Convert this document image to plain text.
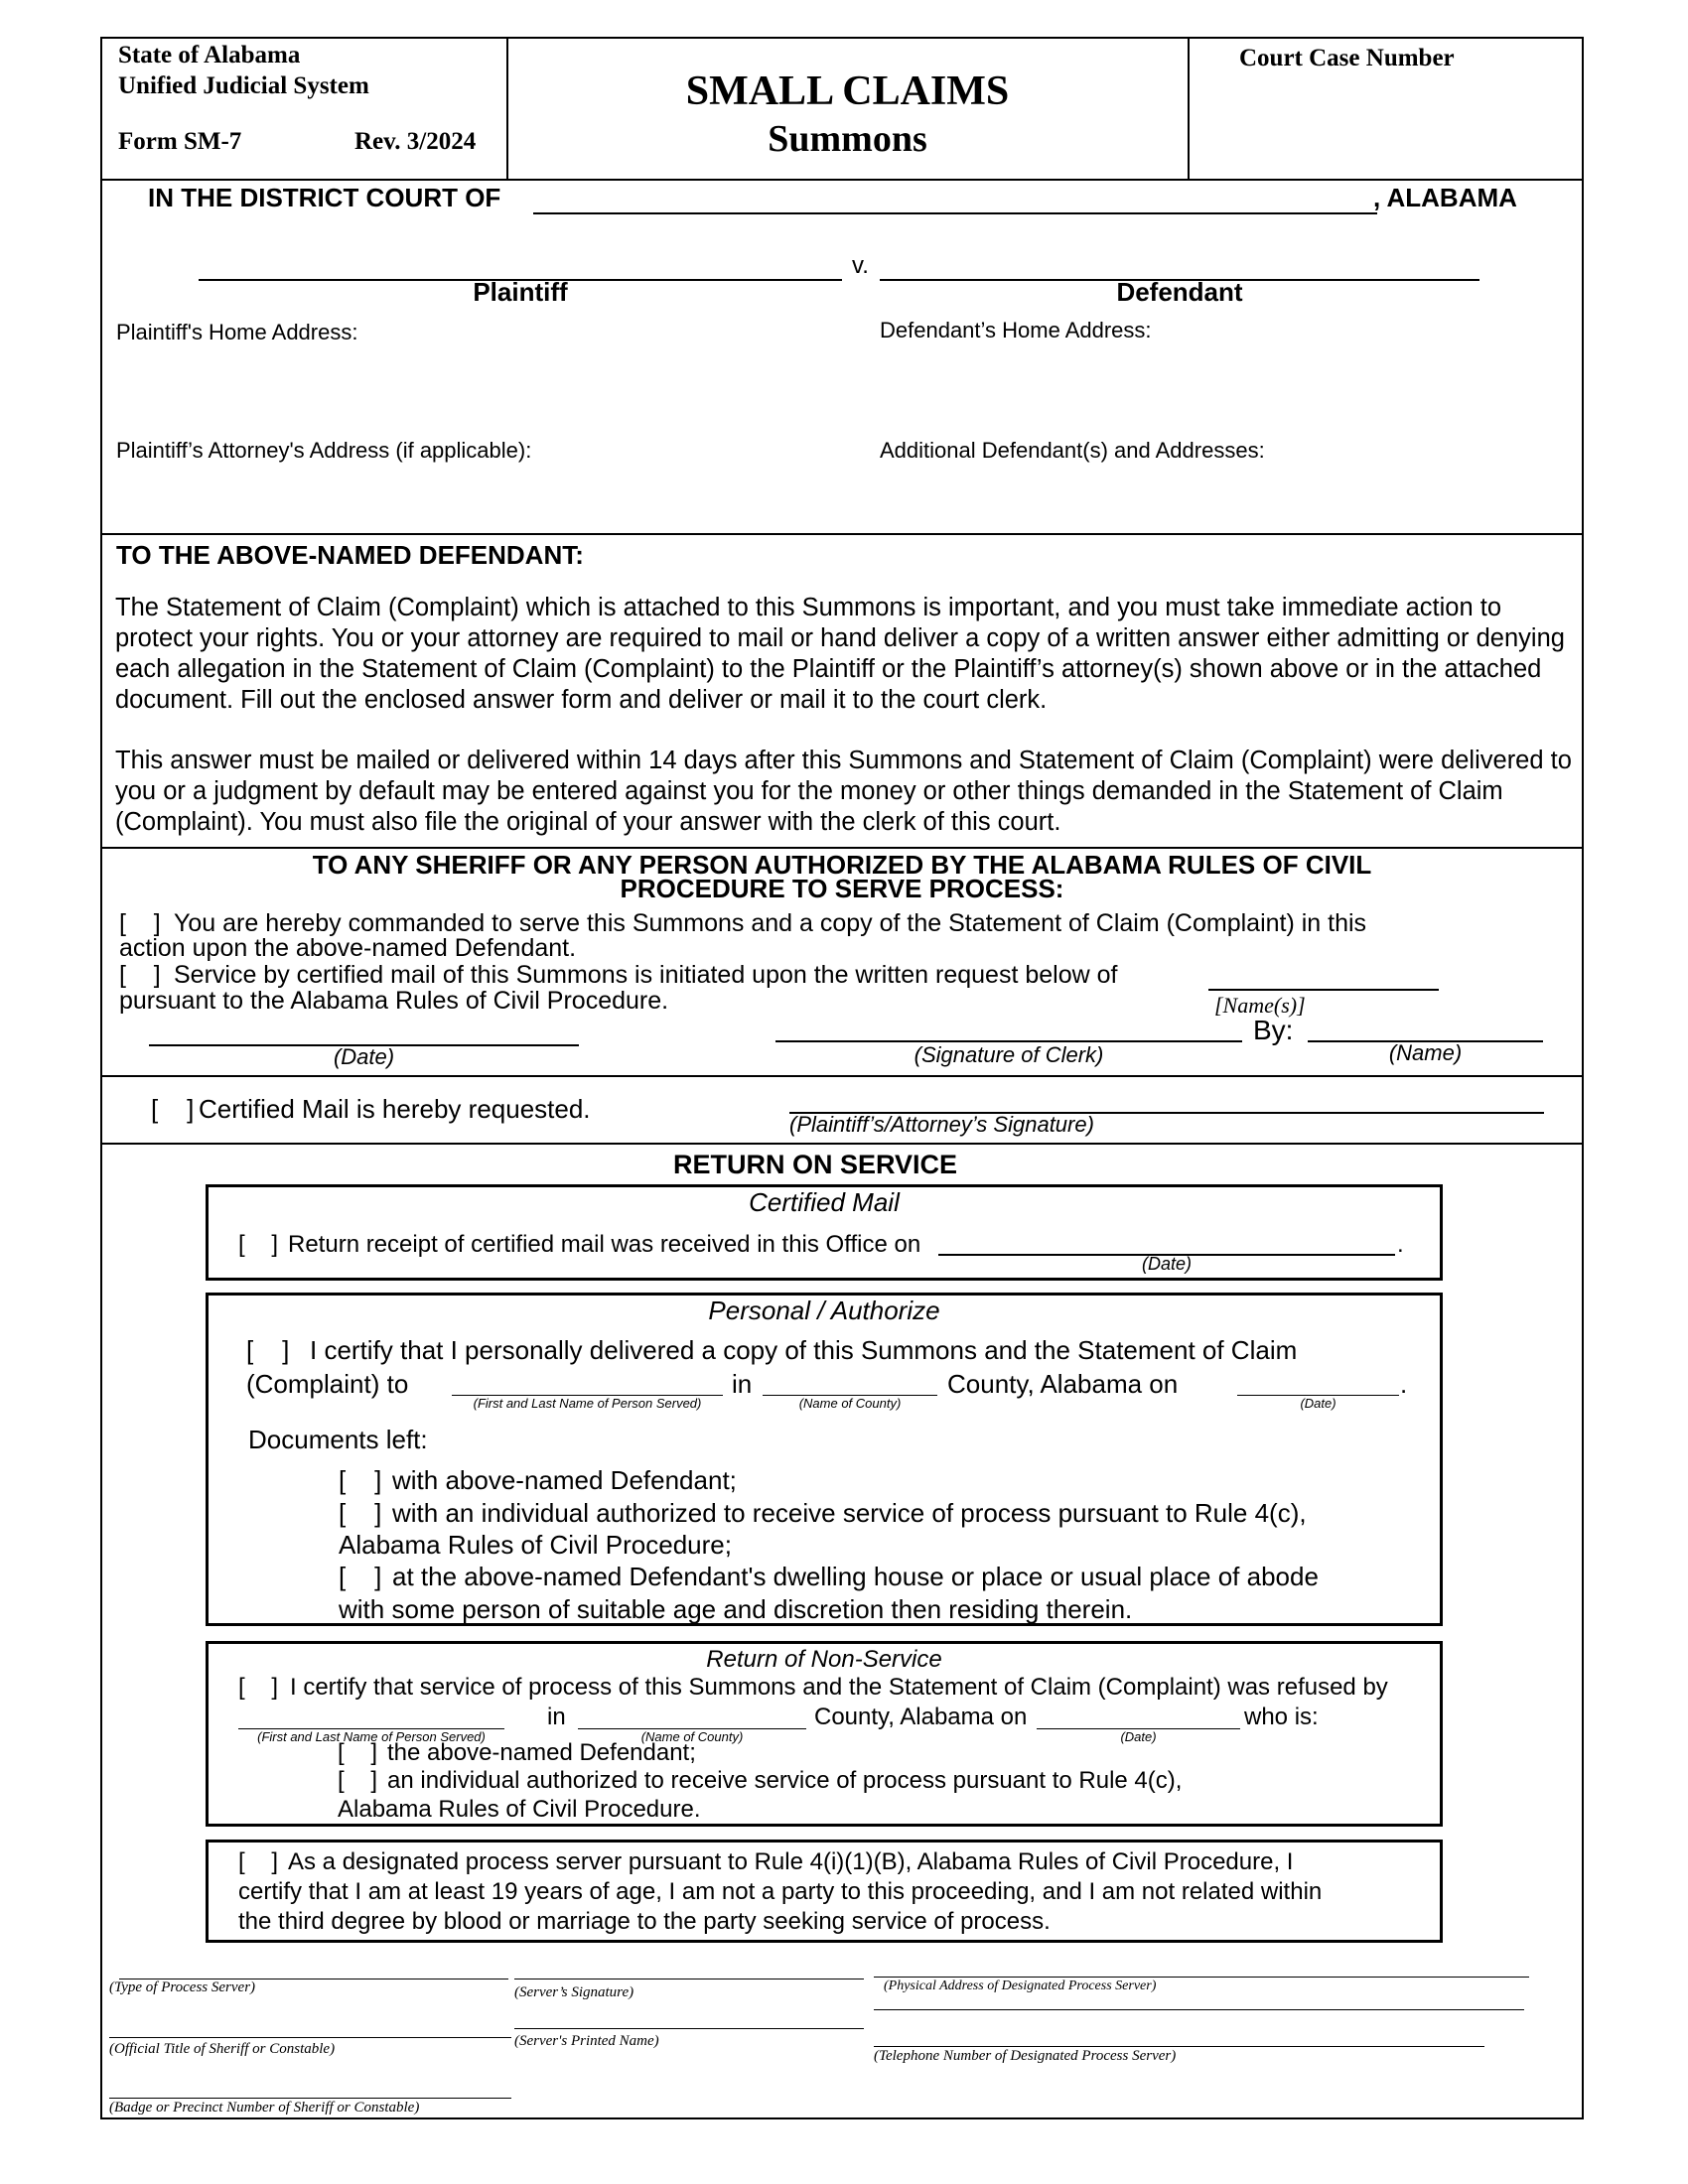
State of Alabama
Unified Judicial System
Form SM-7	Rev. 3/2024
SMALL CLAIMS
Summons
Court Case Number
IN THE DISTRICT COURT OF	, ALABAMA
v.
Plaintiff	Defendant
Plaintiff's Home Address:	Defendant’s Home Address:
Plaintiff’s Attorney's Address (if applicable):	Additional Defendant(s) and Addresses:
TO THE ABOVE-NAMED DEFENDANT:

The Statement of Claim (Complaint) which is attached to this Summons is important, and you must take immediate action to protect your rights. You or your attorney are required to mail or hand deliver a copy of a written answer either admitting or denying each allegation in the Statement of Claim (Complaint) to the Plaintiff or the Plaintiff’s attorney(s) shown above or in the attached document. Fill out the enclosed answer form and deliver or mail it to the court clerk.

This answer must be mailed or delivered within 14 days after this Summons and Statement of Claim (Complaint) were delivered to you or a judgment by default may be entered against you for the money or other things demanded in the Statement of Claim (Complaint). You must also file the original of your answer with the clerk of this court.

TO ANY SHERIFF OR ANY PERSON AUTHORIZED BY THE ALABAMA RULES OF CIVIL
PROCEDURE TO SERVE PROCESS:
[    ] You are hereby commanded to serve this Summons and a copy of the Statement of Claim (Complaint) in this
action upon the above-named Defendant.
[    ] Service by certified mail of this Summons is initiated upon the written request below of
pursuant to the Alabama Rules of Civil Procedure.	[Name(s)]
By:
(Date)	(Signature of Clerk)	(Name)
[    ] Certified Mail is hereby requested.
(Plaintiff’s/Attorney’s Signature)
RETURN ON SERVICE
Certified Mail
[    ] Return receipt of certified mail was received in this Office on	.
(Date)
Personal / Authorize
[    ] I certify that I personally delivered a copy of this Summons and the Statement of Claim
(Complaint) to	in	County, Alabama on	.
(First and Last Name of Person Served)	(Name of County)	(Date)
Documents left:
[    ] with above-named Defendant;
[    ] with an individual authorized to receive service of process pursuant to Rule 4(c),
Alabama Rules of Civil Procedure;
[    ] at the above-named Defendant's dwelling house or place or usual place of abode
with some person of suitable age and discretion then residing therein.
Return of Non-Service
[    ] I certify that service of process of this Summons and the Statement of Claim (Complaint) was refused by
in	County, Alabama on	who is:
(First and Last Name of Person Served)	(Name of County)	(Date)
[    ] the above-named Defendant;
[    ] an individual authorized to receive service of process pursuant to Rule 4(c),
Alabama Rules of Civil Procedure.
[    ] As a designated process server pursuant to Rule 4(i)(1)(B), Alabama Rules of Civil Procedure, I
certify that I am at least 19 years of age, I am not a party to this proceeding, and I am not related within
the third degree by blood or marriage to the party seeking service of process.
(Type of Process Server)	(Server’s Signature)	(Physical Address of Designated Process Server)
(Server's Printed Name)
(Official Title of Sheriff or Constable)	(Telephone Number of Designated Process Server)
(Badge or Precinct Number of Sheriff or Constable)
